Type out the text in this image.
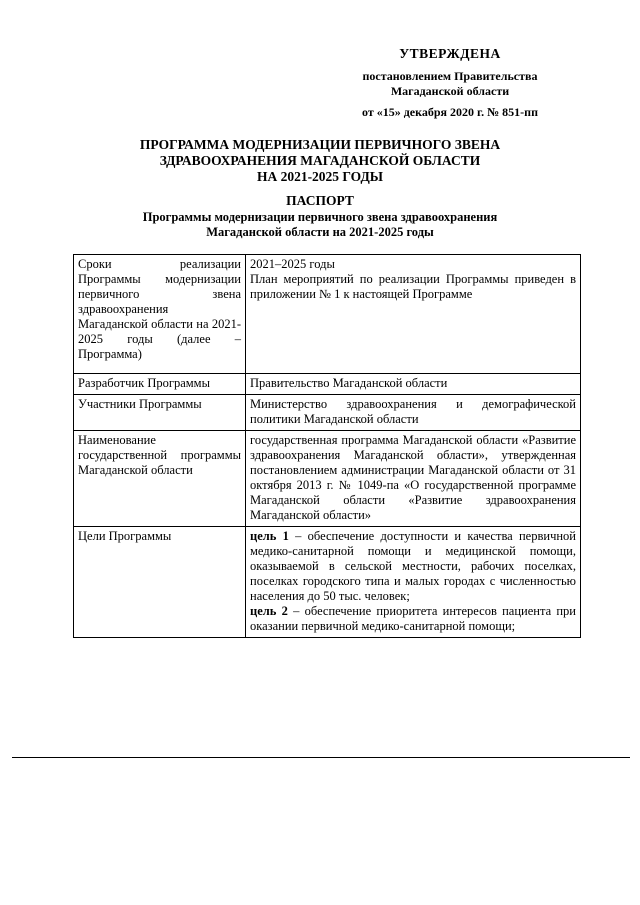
УТВЕРЖДЕНА
постановлением Правительства
Магаданской области
от «15» декабря 2020 г. № 851-пп
ПРОГРАММА МОДЕРНИЗАЦИИ ПЕРВИЧНОГО ЗВЕНА
ЗДРАВООХРАНЕНИЯ МАГАДАНСКОЙ ОБЛАСТИ
НА 2021-2025 ГОДЫ
ПАСПОРТ
Программы модернизации первичного звена здравоохранения
Магаданской области на 2021-2025 годы
Сроки реализации Программы модернизации первичного звена здравоохранения Магаданской области на 2021-2025 годы (далее – Программа)	2021–2025 годы
План мероприятий по реализации Программы приведен в приложении № 1 к настоящей Программе

Разработчик Программы	Правительство Магаданской области
Участники Программы	Министерство здравоохранения и демографической политики Магаданской области
Наименование государственной программы Магаданской области	государственная программа Магаданской области «Развитие здравоохранения Магаданской области», утвержденная постановлением администрации Магаданской области от 31 октября 2013 г. № 1049-па «О государственной программе Магаданской области «Развитие здравоохранения Магаданской области»
Цели Программы	цель 1 – обеспечение доступности и качества первичной медико-санитарной помощи и медицинской помощи, оказываемой в сельской местности, рабочих поселках, поселках городского типа и малых городах с численностью населения до 50 тыс. человек;
цель 2 – обеспечение приоритета интересов пациента при оказании первичной медико-санитарной помощи;
